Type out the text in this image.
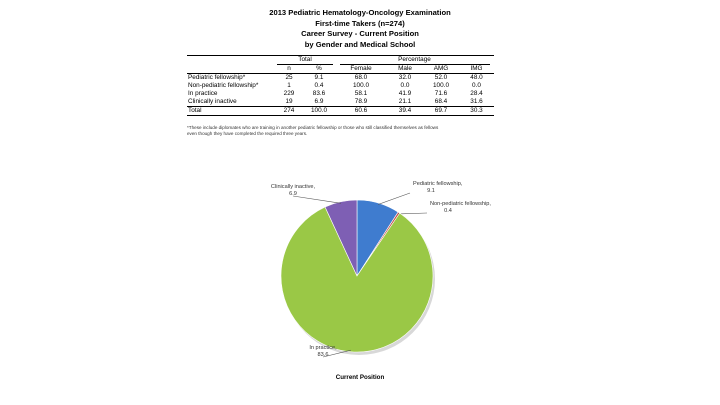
2013 Pediatric Hematology-Oncology Examination
First-time Takers (n=274)
Career Survey - Current Position
by Gender and Medical School
	Total		Percentage			
	n	%	Female	Male	AMG	IMG
Pediatric fellowship*	25	9.1	68.0	32.0	52.0	48.0
Non-pediatric fellowship*	1	0.4	100.0	0.0	100.0	0.0
In practice	229	83.6	58.1	41.9	71.6	28.4
Clinically inactive	19	6.9	78.9	21.1	68.4	31.6
Total	274	100.0	60.6	39.4	69.7	30.3
*These include diplomates who are training in another pediatric fellowship or those who still classified themselves as fellows
even though they have completed the required three years.
Pediatric fellowship,
9.1
Non-pediatric fellowship,
0.4
In practice,
83.6
Clinically inactive,
6.9
Current Position
